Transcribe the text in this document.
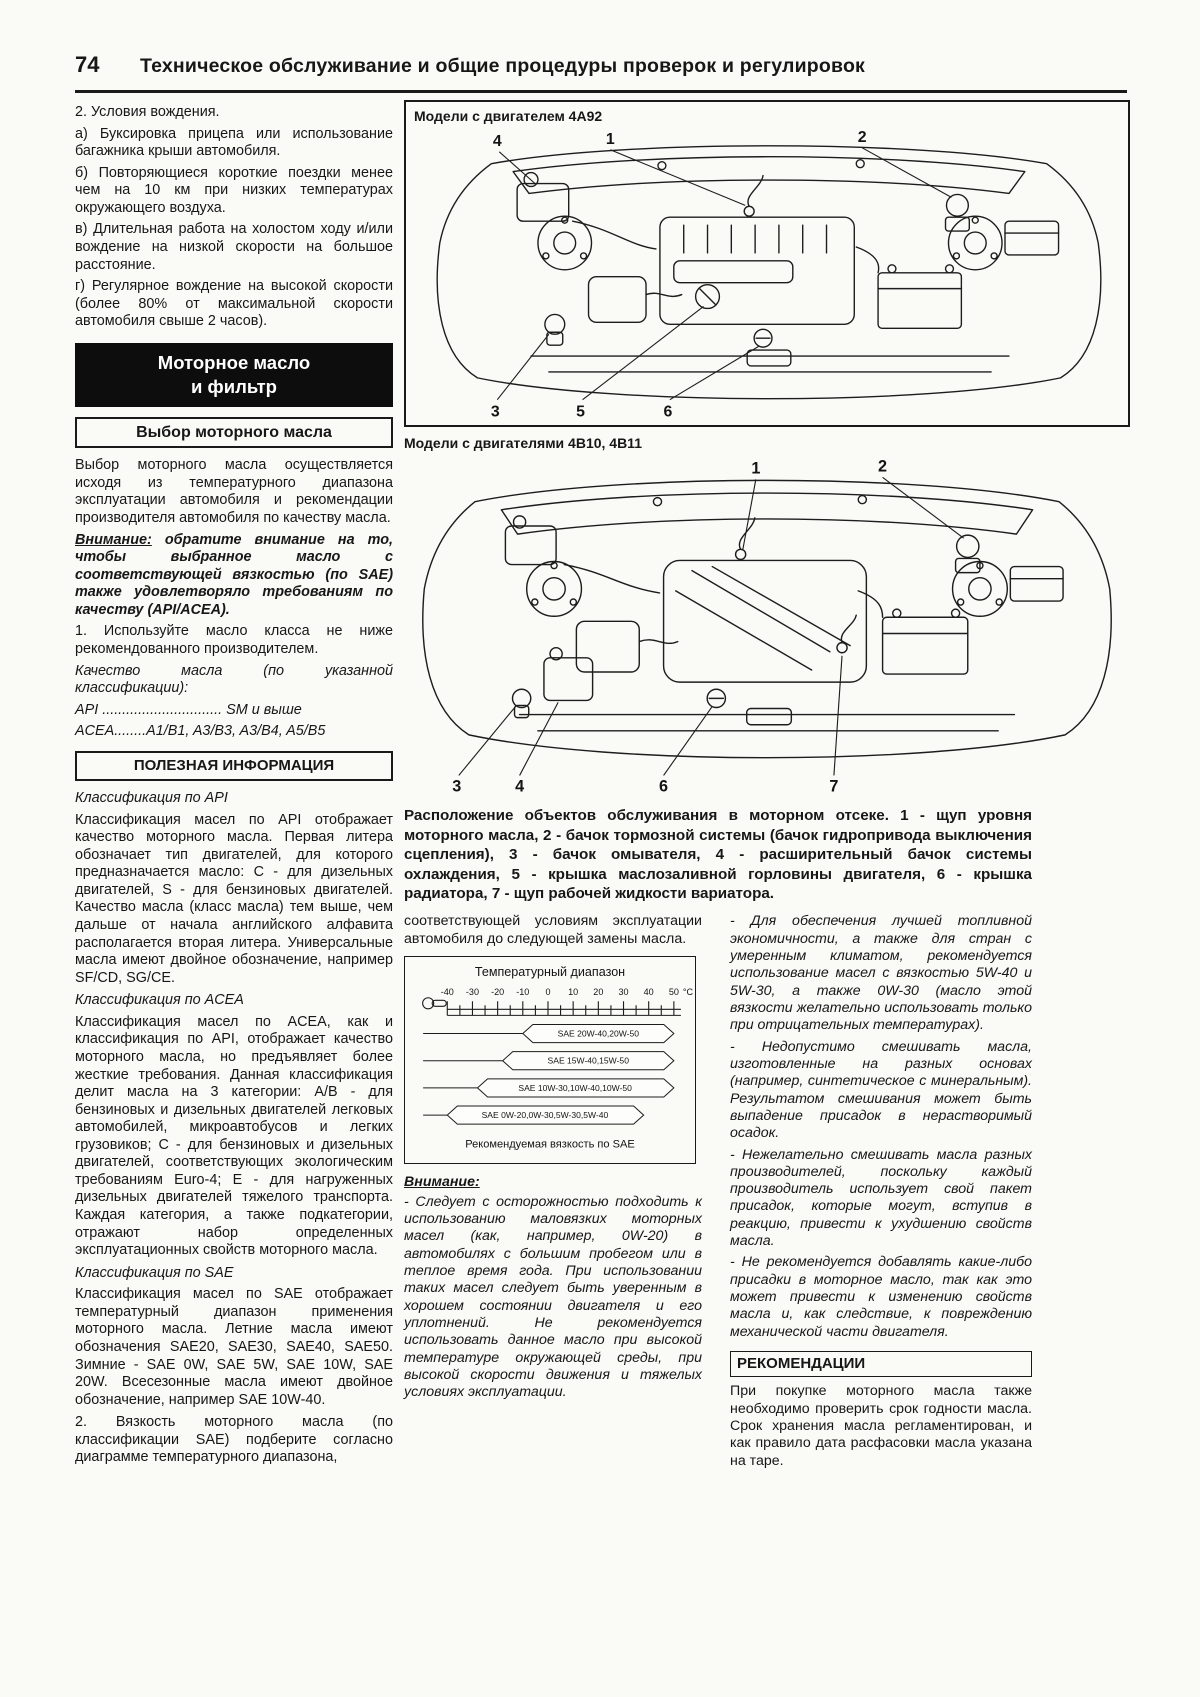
74 Техническое обслуживание и общие процедуры проверок и регулировок

2. Условия вождения.

а) Буксировка прицепа или использование багажника крыши автомобиля.

б) Повторяющиеся короткие поездки менее чем на 10 км при низких температурах окружающего воздуха.

в) Длительная работа на холостом ходу и/или вождение на низкой скорости на большое расстояние.

г) Регулярное вождение на высокой скорости (более 80% от максимальной скорости автомобиля свыше 2 часов).

Моторное масло
и фильтр
Выбор моторного масла

Выбор моторного масла осуществляется исходя из температурного диапазона эксплуатации автомобиля и рекомендации производителя автомобиля по качеству масла.

Внимание: обратите внимание на то, чтобы выбранное масло с соответствующей вязкостью (по SAE) также удовлетворяло требованиям по качеству (API/ACEA).

1. Используйте масло класса не ниже рекомендованного производителем.

Качество масла (по указанной классификации):

API .............................. SM и выше

ACEA........A1/B1, A3/B3, A3/B4, A5/B5

ПОЛЕЗНАЯ ИНФОРМАЦИЯ

Классификация по API

Классификация масел по API отображает качество моторного масла. Первая литера обозначает тип двигателей, для которого предназначается масло: C - для дизельных двигателей, S - для бензиновых двигателей. Качество масла (класс масла) тем выше, чем дальше от начала английского алфавита располагается вторая литера. Универсальные масла имеют двойное обозначение, например SF/CD, SG/CE.

Классификация по ACEA

Классификация масел по ACEA, как и классификация по API, отображает качество моторного масла, но предъявляет более жесткие требования. Данная классификация делит масла на 3 категории: A/B - для бензиновых и дизельных двигателей легковых автомобилей, микроавтобусов и легких грузовиков; C - для бензиновых и дизельных двигателей, соответствующих экологическим требованиям Euro-4; E - для нагруженных дизельных двигателей тяжелого транспорта. Каждая категория, а также подкатегории, отражают набор определенных эксплуатационных свойств моторного масла.

Классификация по SAE

Классификация масел по SAE отображает температурный диапазон применения моторного масла. Летние масла имеют обозначения SAE20, SAE30, SAE40, SAE50. Зимние - SAE 0W, SAE 5W, SAE 10W, SAE 20W. Всесезонные масла имеют двойное обозначение, например SAE 10W-40.

2. Вязкость моторного масла (по классификации SAE) подберите согласно диаграмме температурного диапазона,

Модели с двигателем 4A92
4	1	2
3	5	6
Модели с двигателями 4B10, 4B11
1	2
3	4	6	7

Расположение объектов обслуживания в моторном отсеке. 1 - щуп уровня моторного масла, 2 - бачок тормозной системы (бачок гидропривода выключения сцепления), 3 - бачок омывателя, 4 - расширительный бачок системы охлаждения, 5 - крышка маслозаливной горловины двигателя, 6 - крышка радиатора, 7 - щуп рабочей жидкости вариатора.

соответствующей условиям эксплуатации автомобиля до следующей замены масла.

Температурный диапазон
-40 -30 -20 -10 0 10 20 30 40 50 °C
SAE 20W-40,20W-50
SAE 15W-40,15W-50
SAE 10W-30,10W-40,10W-50
SAE 0W-20,0W-30,5W-30,5W-40
Рекомендуемая вязкость по SAE

Внимание:

- Следует с осторожностью подходить к использованию маловязких моторных масел (как, например, 0W-20) в автомобилях с большим пробегом или в теплое время года. При использовании таких масел следует быть уверенным в хорошем состоянии двигателя и его уплотнений. Не рекомендуется использовать данное масло при высокой температуре окружающей среды, при высокой скорости движения и тяжелых условиях эксплуатации.

- Для обеспечения лучшей топливной экономичности, а также для стран с умеренным климатом, рекомендуется использование масел с вязкостью 5W-40 и 5W-30, а также 0W-30 (масло этой вязкости желательно использовать только при отрицательных температурах).

- Недопустимо смешивать масла, изготовленные на разных основах (например, синтетическое с минеральным). Результатом смешивания может быть выпадение присадок в нерастворимый осадок.

- Нежелательно смешивать масла разных производителей, поскольку каждый производитель использует свой пакет присадок, которые могут, вступив в реакцию, привести к ухудшению свойств масла.

- Не рекомендуется добавлять какие-либо присадки в моторное масло, так как это может привести к изменению свойств масла и, как следствие, к повреждению механической части двигателя.

РЕКОМЕНДАЦИИ

При покупке моторного масла также необходимо проверить срок годности масла. Срок хранения масла регламентирован, и как правило дата расфасовки масла указана на таре.
